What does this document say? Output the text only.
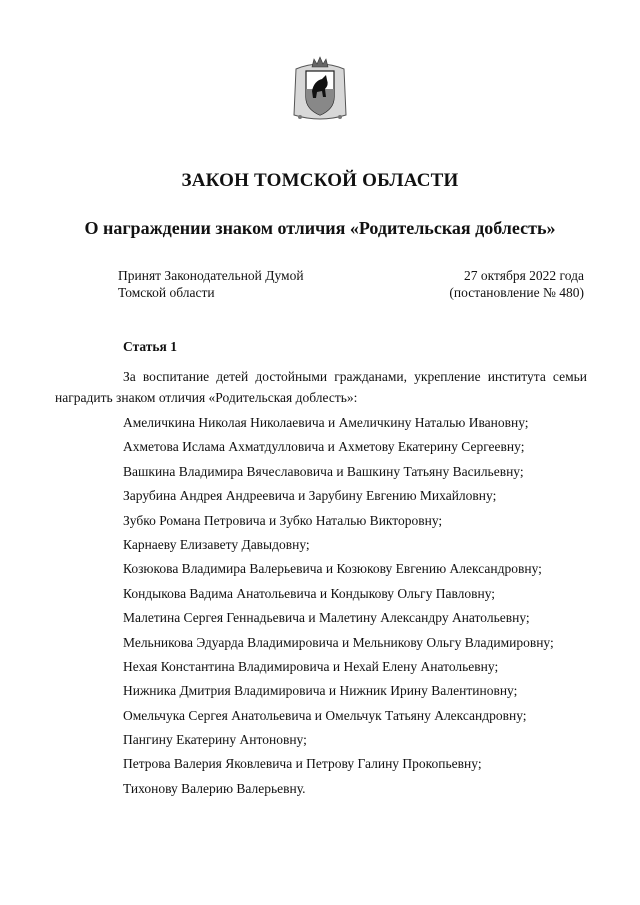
ЗАКОН ТОМСКОЙ ОБЛАСТИ
О награждении знаком отличия «Родительская доблесть»
Принят Законодательной Думой
Томской области
27 октября 2022 года
(постановление № 480)
Статья 1
За воспитание детей достойными гражданами, укрепление института семьи
наградить знаком отличия «Родительская доблесть»:
Амеличкина Николая Николаевича и Амеличкину Наталью Ивановну;
Ахметова Ислама Ахматдулловича и Ахметову Екатерину Сергеевну;
Вашкина Владимира Вячеславовича и Вашкину Татьяну Васильевну;
Зарубина Андрея Андреевича и Зарубину Евгению Михайловну;
Зубко Романа Петровича и Зубко Наталью Викторовну;
Карнаеву Елизавету Давыдовну;
Козюкова Владимира Валерьевича и Козюкову Евгению Александровну;
Кондыкова Вадима Анатольевича и Кондыкову Ольгу Павловну;
Малетина Сергея Геннадьевича и Малетину Александру Анатольевну;
Мельникова Эдуарда Владимировича и Мельникову Ольгу Владимировну;
Нехая Константина Владимировича и Нехай Елену Анатольевну;
Нижника Дмитрия Владимировича и Нижник Ирину Валентиновну;
Омельчука Сергея Анатольевича и Омельчук Татьяну Александровну;
Пангину Екатерину Антоновну;
Петрова Валерия Яковлевича и Петрову Галину Прокопьевну;
Тихонову Валерию Валерьевну.
